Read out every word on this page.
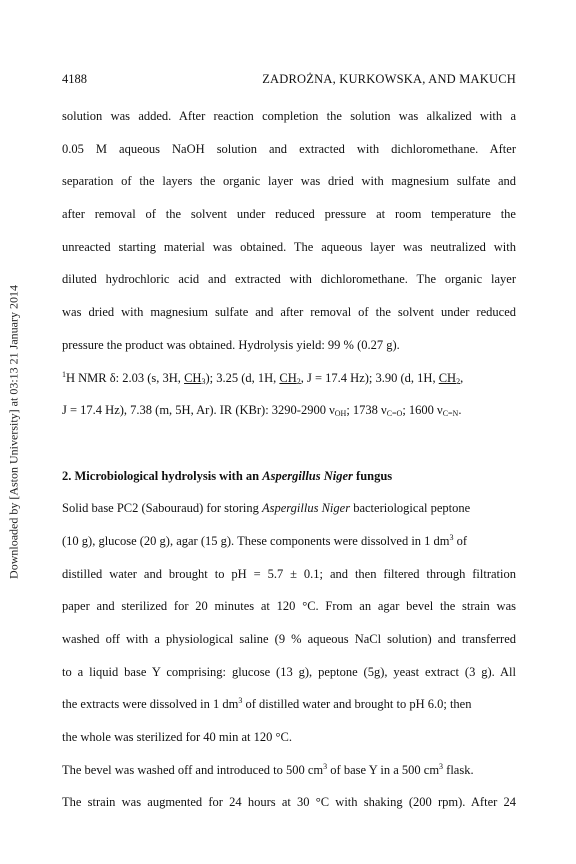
4188	ZADROŻNA, KURKOWSKA, AND MAKUCH
Downloaded by [Aston University] at 03:13 21 January 2014
solution was added. After reaction completion the solution was alkalized with a
0.05 M aqueous NaOH solution and extracted with dichloromethane. After
separation of the layers the organic layer was dried with magnesium sulfate and
after removal of the solvent under reduced pressure at room temperature the
unreacted starting material was obtained. The aqueous layer was neutralized with
diluted hydrochloric acid and extracted with dichloromethane. The organic layer
was dried with magnesium sulfate and after removal of the solvent under reduced
pressure the product was obtained. Hydrolysis yield: 99 % (0.27 g).
$^1$H NMR δ: 2.03 (s, 3H, $CH_3$); 3.25 (d, 1H, $CH_2$, J = 17.4 Hz); 3.90 (d, 1H, $CH_2$,
J = 17.4 Hz), 7.38 (m, 5H, Ar). IR (KBr): 3290-2900 $\nu_{OH}$; 1738 $\nu_{C=O}$; 1600 $\nu_{C=N}$.
2. Microbiological hydrolysis with an Aspergillus Niger fungus
Solid base PC2 (Sabouraud) for storing Aspergillus Niger bacteriological peptone
(10 g), glucose (20 g), agar (15 g). These components were dissolved in 1 $dm^3$ of
distilled water and brought to pH = 5.7 ± 0.1; and then filtered through filtration
paper and sterilized for 20 minutes at 120 °C. From an agar bevel the strain was
washed off with a physiological saline (9 % aqueous NaCl solution) and transferred
to a liquid base Y comprising: glucose (13 g), peptone (5g), yeast extract (3 g). All
the extracts were dissolved in 1 $dm^3$ of distilled water and brought to pH 6.0; then
the whole was sterilized for 40 min at 120 °C.
The bevel was washed off and introduced to 500 $cm^3$ of base Y in a 500 $cm^3$ flask.
The strain was augmented for 24 hours at 30 °C with shaking (200 rpm). After 24
